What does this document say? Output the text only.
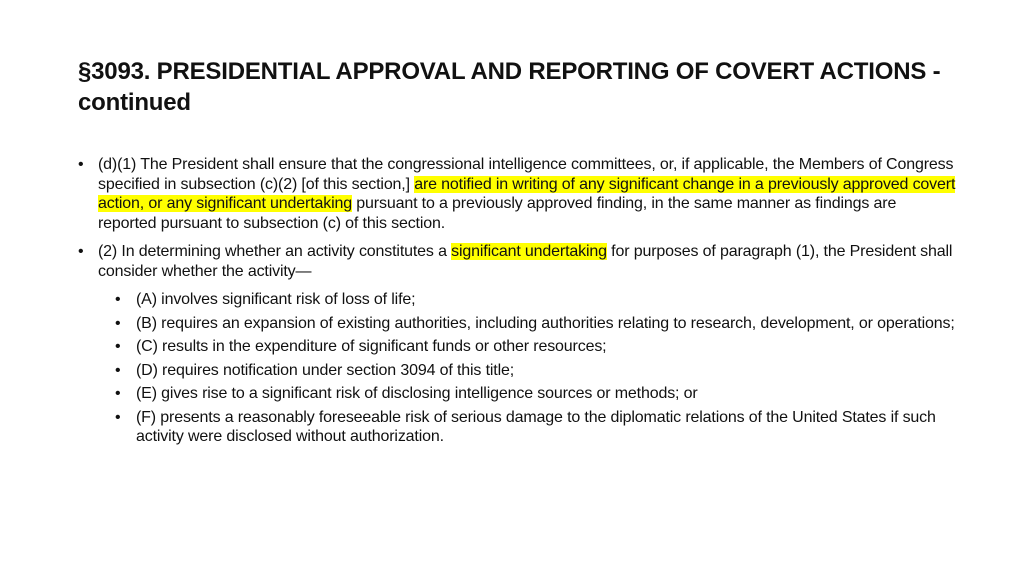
§3093. PRESIDENTIAL APPROVAL AND REPORTING OF COVERT ACTIONS - continued
• (d)(1) The President shall ensure that the congressional intelligence committees, or, if applicable, the Members of Congress specified in subsection (c)(2) [of this section,] are notified in writing of any significant change in a previously approved covert action, or any significant undertaking pursuant to a previously approved finding, in the same manner as findings are reported pursuant to subsection (c) of this section.
• (2) In determining whether an activity constitutes a significant undertaking for purposes of paragraph (1), the President shall consider whether the activity—
• (A) involves significant risk of loss of life;
• (B) requires an expansion of existing authorities, including authorities relating to research, development, or operations;
• (C) results in the expenditure of significant funds or other resources;
• (D) requires notification under section 3094 of this title;
• (E) gives rise to a significant risk of disclosing intelligence sources or methods; or
• (F) presents a reasonably foreseeable risk of serious damage to the diplomatic relations of the United States if such activity were disclosed without authorization.
